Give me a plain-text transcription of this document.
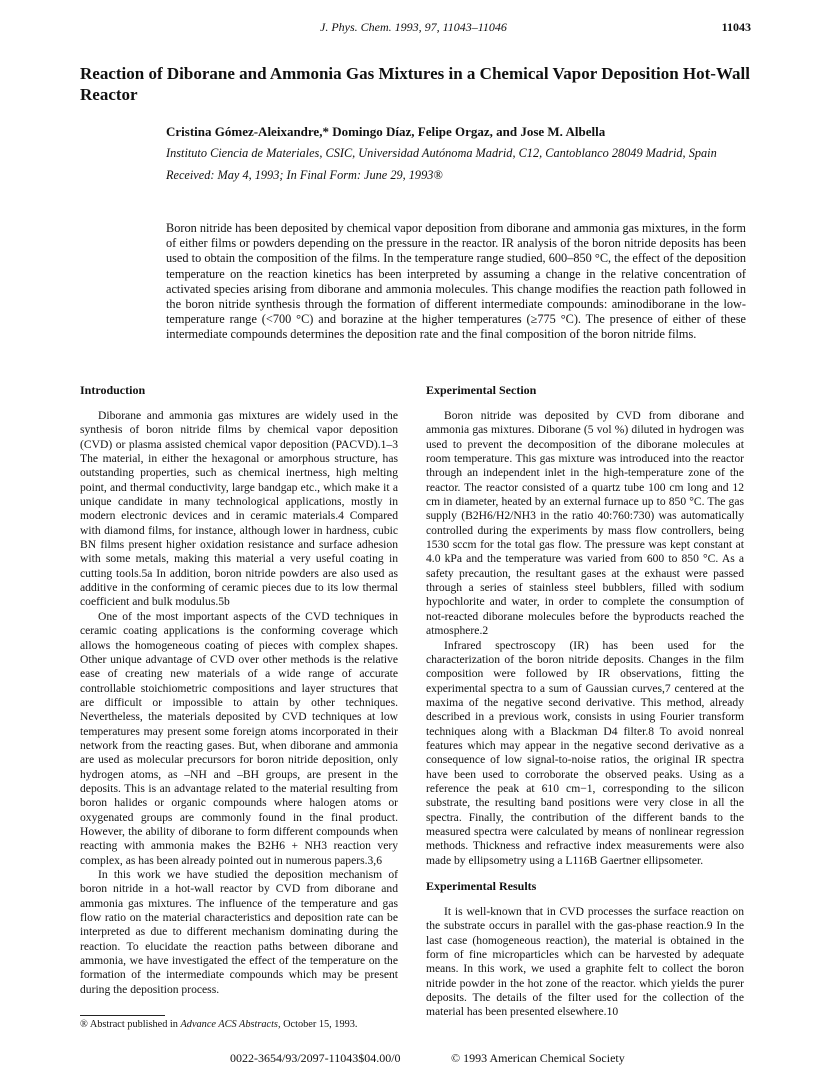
J. Phys. Chem. 1993, 97, 11043–11046	11043
Reaction of Diborane and Ammonia Gas Mixtures in a Chemical Vapor Deposition Hot-Wall Reactor
Cristina Gómez-Aleixandre,* Domingo Díaz, Felipe Orgaz, and Jose M. Albella
Instituto Ciencia de Materiales, CSIC, Universidad Autónoma Madrid, C12, Cantoblanco 28049 Madrid, Spain
Received: May 4, 1993; In Final Form: June 29, 1993®

Boron nitride has been deposited by chemical vapor deposition from diborane and ammonia gas mixtures, in the form of either films or powders depending on the pressure in the reactor. IR analysis of the boron nitride deposits has been used to obtain the composition of the films. In the temperature range studied, 600–850 °C, the effect of the deposition temperature on the reaction kinetics has been interpreted by assuming a change in the relative concentration of activated species arising from diborane and ammonia molecules. This change modifies the reaction path followed in the boron nitride synthesis through the formation of different intermediate compounds: aminodiborane in the low-temperature range (<700 °C) and borazine at the higher temperatures (≥775 °C). The presence of either of these intermediate compounds determines the deposition rate and the final composition of the boron nitride films.

Introduction

Diborane and ammonia gas mixtures are widely used in the synthesis of boron nitride films by chemical vapor deposition (CVD) or plasma assisted chemical vapor deposition (PACVD).1–3 The material, in either the hexagonal or amorphous structure, has outstanding properties, such as chemical inertness, high melting point, and thermal conductivity, large bandgap etc., which make it a unique candidate in many technological applications, mostly in modern electronic devices and in ceramic materials.4 Compared with diamond films, for instance, although lower in hardness, cubic BN films present higher oxidation resistance and surface adhesion with some metals, making this material a very useful coating in cutting tools.5a In addition, boron nitride powders are also used as additive in the conforming of ceramic pieces due to its low thermal coefficient and bulk modulus.5b

One of the most important aspects of the CVD techniques in ceramic coating applications is the conforming coverage which allows the homogeneous coating of pieces with complex shapes. Other unique advantage of CVD over other methods is the relative ease of creating new materials of a wide range of accurate controllable stoichiometric compositions and layer structures that are difficult or impossible to attain by other techniques. Nevertheless, the materials deposited by CVD techniques at low temperatures may present some foreign atoms incorporated in their network from the reacting gases. But, when diborane and ammonia are used as molecular precursors for boron nitride deposition, only hydrogen atoms, as –NH and –BH groups, are present in the deposits. This is an advantage related to the material resulting from boron halides or organic compounds where halogen atoms or oxygenated groups are commonly found in the final product. However, the ability of diborane to form different compounds when reacting with ammonia makes the B2H6 + NH3 reaction very complex, as has been already pointed out in numerous papers.3,6

In this work we have studied the deposition mechanism of boron nitride in a hot-wall reactor by CVD from diborane and ammonia gas mixtures. The influence of the temperature and gas flow ratio on the material characteristics and deposition rate can be interpreted as due to different mechanism dominating during the reaction. To elucidate the reaction paths between diborane and ammonia, we have investigated the effect of the temperature on the formation of the intermediate compounds which may be present during the deposition process.

Experimental Section

Boron nitride was deposited by CVD from diborane and ammonia gas mixtures. Diborane (5 vol %) diluted in hydrogen was used to prevent the decomposition of the diborane molecules at room temperature. This gas mixture was introduced into the reactor through an independent inlet in the high-temperature zone of the reactor. The reactor consisted of a quartz tube 100 cm long and 12 cm in diameter, heated by an external furnace up to 850 °C. The gas supply (B2H6/H2/NH3 in the ratio 40:760:730) was automatically controlled during the experiments by mass flow controllers, being 1530 sccm for the total gas flow. The pressure was kept constant at 4.0 kPa and the temperature was varied from 600 to 850 °C. As a safety precaution, the resultant gases at the exhaust were passed through a series of stainless steel bubblers, filled with sodium hypochlorite and water, in order to complete the consumption of not-reacted diborane molecules before the byproducts reached the atmosphere.2

Infrared spectroscopy (IR) has been used for the characterization of the boron nitride deposits. Changes in the film composition were followed by IR observations, fitting the experimental spectra to a sum of Gaussian curves,7 centered at the maxima of the negative second derivative. This method, already described in a previous work, consists in using Fourier transform techniques along with a Blackman D4 filter.8 To avoid nonreal features which may appear in the negative second derivative as a consequence of low signal-to-noise ratios, the original IR spectra have been used to corroborate the observed peaks. Using as a reference the peak at 610 cm−1, corresponding to the silicon substrate, the resulting band positions were very close in all the spectra. Finally, the contribution of the different bands to the measured spectra were calculated by means of nonlinear regression methods. Thickness and refractive index measurements were also made by ellipsometry using a L116B Gaertner ellipsometer.

Experimental Results

It is well-known that in CVD processes the surface reaction on the substrate occurs in parallel with the gas-phase reaction.9 In the last case (homogeneous reaction), the material is obtained in the form of fine microparticles which can be harvested by adequate means. In this work, we used a graphite felt to collect the boron nitride powder in the hot zone of the reactor. which yields the purer deposits. The details of the filter used for the collection of the material has been presented elsewhere.10

® Abstract published in Advance ACS Abstracts, October 15, 1993.
0022-3654/93/2097-11043$04.00/0	© 1993 American Chemical Society
